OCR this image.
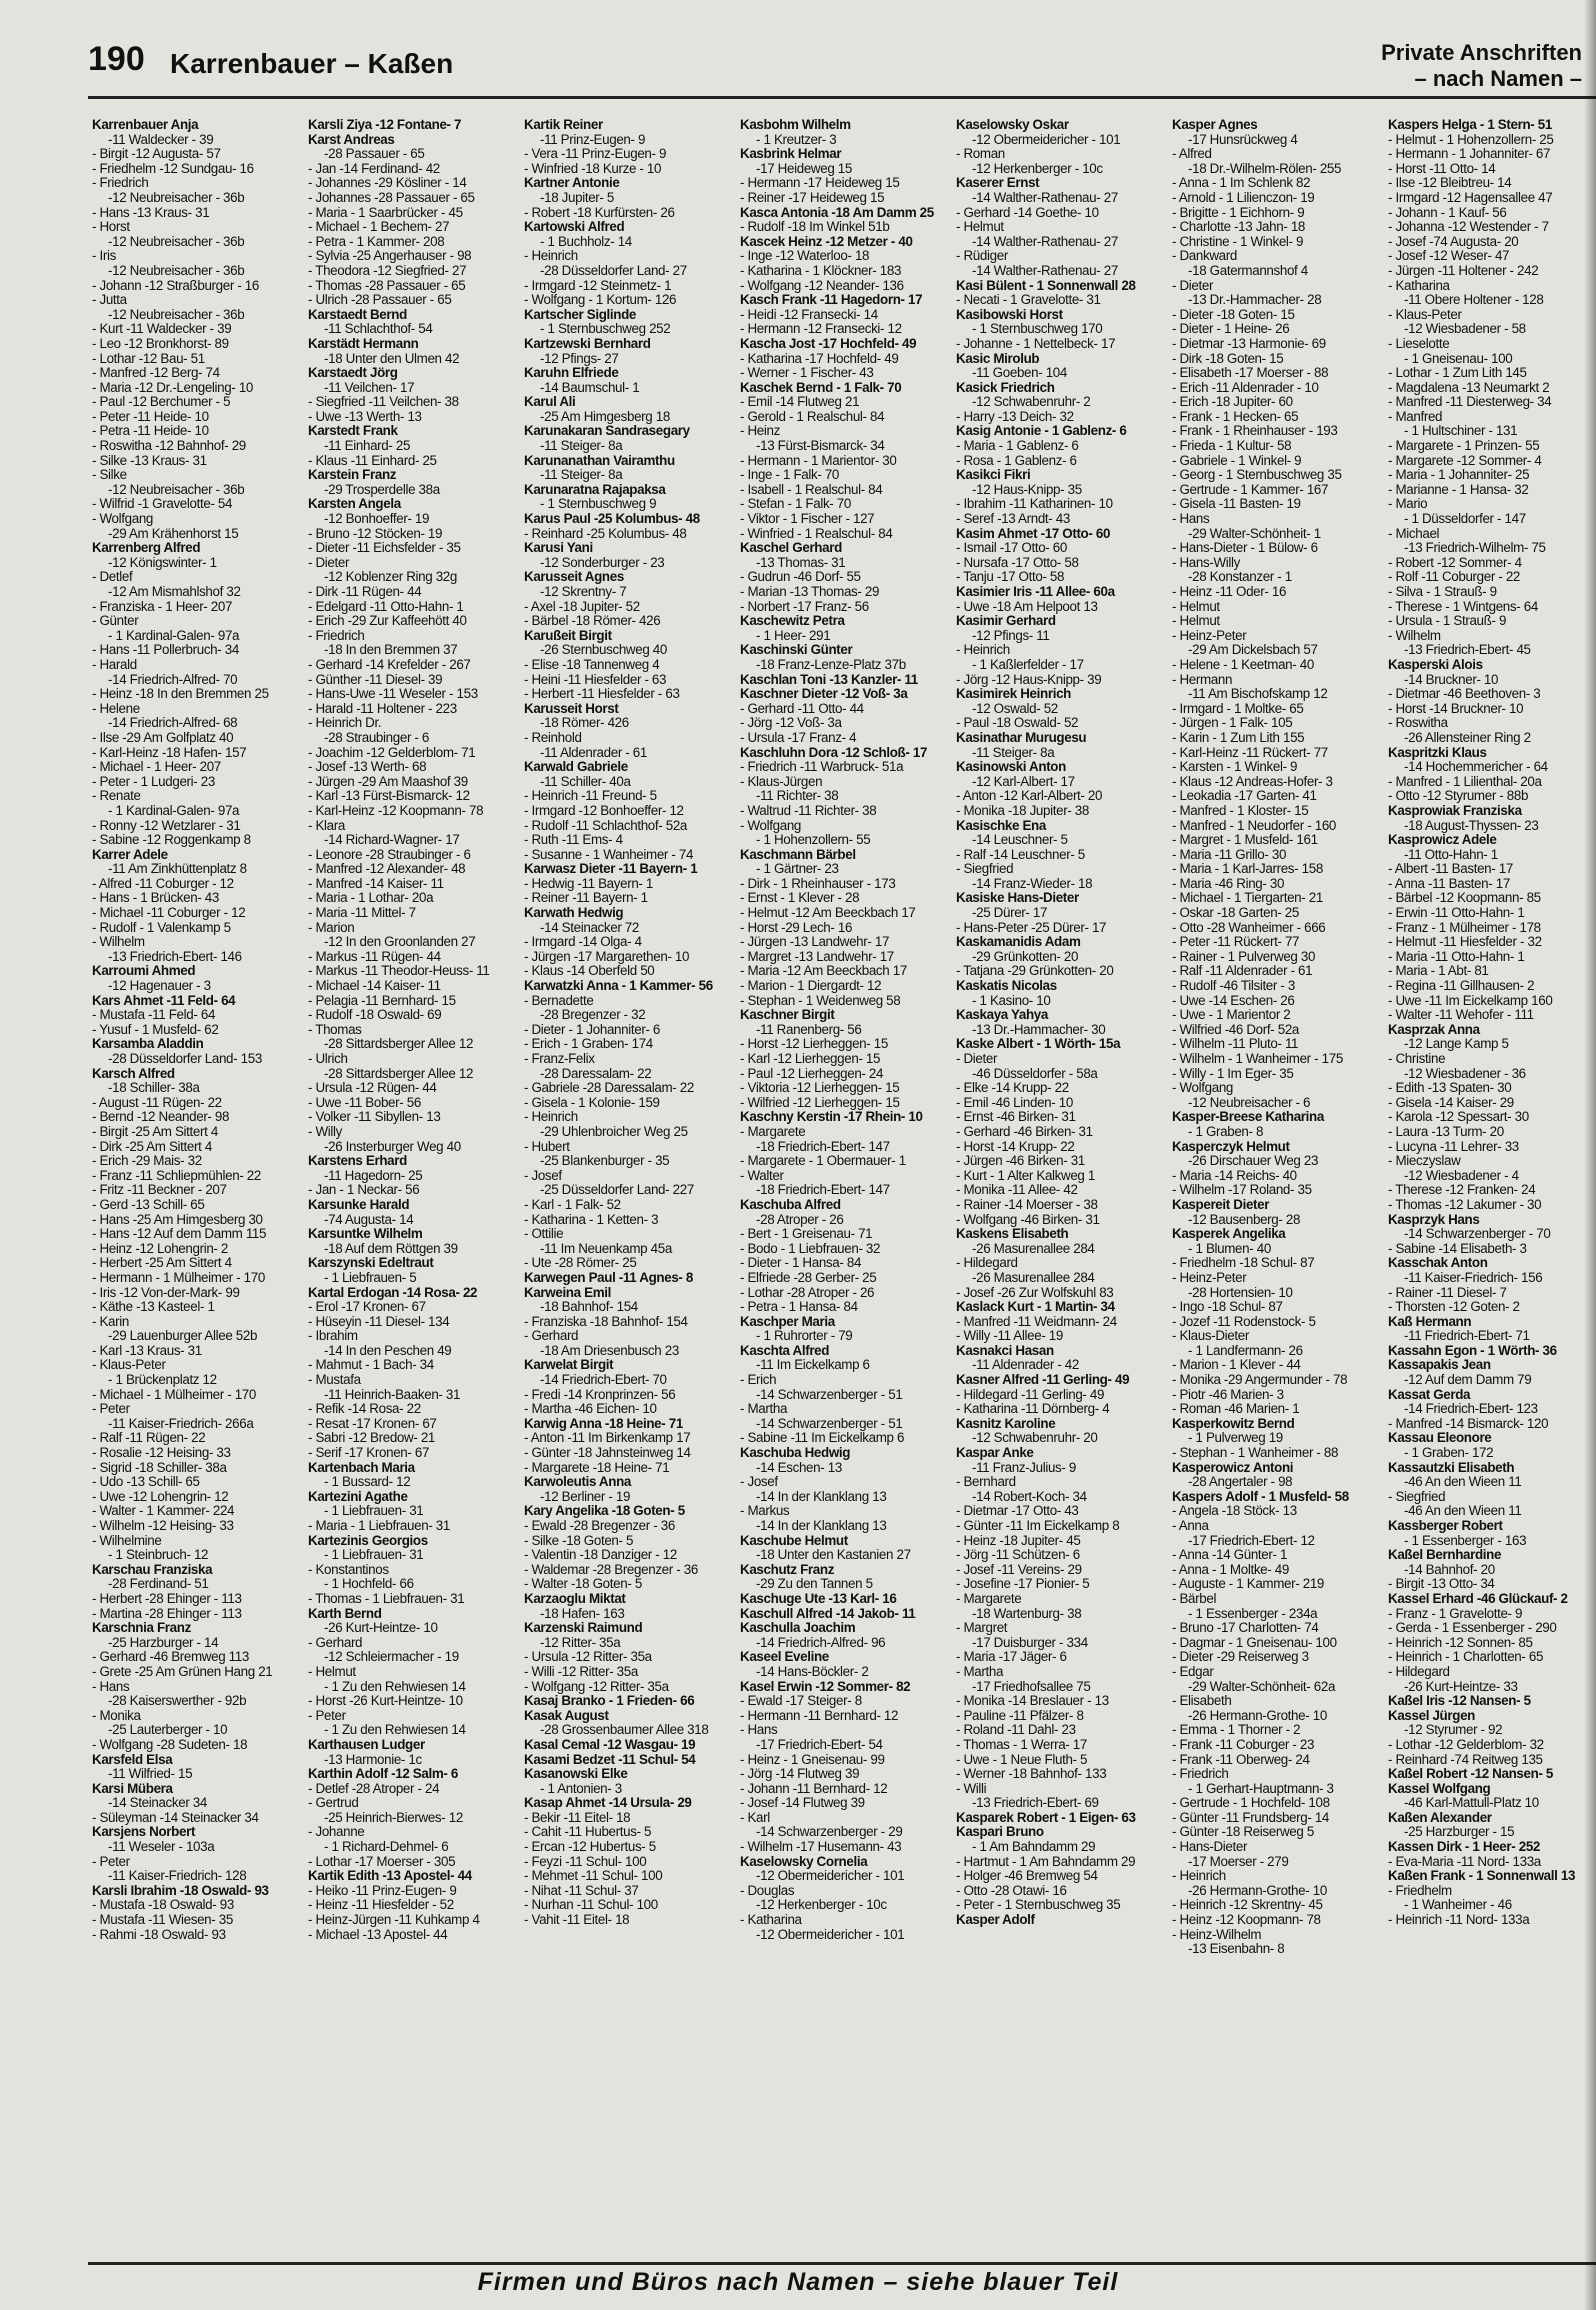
190 Karrenbauer – Kaßen	Private Anschriften
– nach Namen –
Karrenbauer Anja
-11 Waldecker - 39
- Birgit -12 Augusta- 57
- Friedhelm -12 Sundgau- 16
- Friedrich
-12 Neubreisacher - 36b
- Hans -13 Kraus- 31
- Horst
-12 Neubreisacher - 36b
- Iris
-12 Neubreisacher - 36b
- Johann -12 Straßburger - 16
- Jutta
-12 Neubreisacher - 36b
- Kurt -11 Waldecker - 39
- Leo -12 Bronkhorst- 89
- Lothar -12 Bau- 51
- Manfred -12 Berg- 74
- Maria -12 Dr.-Lengeling- 10
- Paul -12 Berchumer - 5
- Peter -11 Heide- 10
- Petra -11 Heide- 10
- Roswitha -12 Bahnhof- 29
- Silke -13 Kraus- 31
- Silke
-12 Neubreisacher - 36b
- Wilfrid -1 Gravelotte- 54
- Wolfgang
-29 Am Krähenhorst 15
Karrenberg Alfred
-12 Königswinter- 1
- Detlef
-12 Am Mismahlshof 32
- Franziska - 1 Heer- 207
- Günter
- 1 Kardinal-Galen- 97a
- Hans -11 Pollerbruch- 34
- Harald
-14 Friedrich-Alfred- 70
- Heinz -18 In den Bremmen 25
- Helene
-14 Friedrich-Alfred- 68
- Ilse -29 Am Golfplatz 40
- Karl-Heinz -18 Hafen- 157
- Michael - 1 Heer- 207
- Peter - 1 Ludgeri- 23
- Renate
- 1 Kardinal-Galen- 97a
- Ronny -12 Wetzlarer - 31
- Sabine -12 Roggenkamp 8
Karrer Adele
-11 Am Zinkhüttenplatz 8
- Alfred -11 Coburger - 12
- Hans - 1 Brücken- 43
- Michael -11 Coburger - 12
- Rudolf - 1 Valenkamp 5
- Wilhelm
-13 Friedrich-Ebert- 146
Karroumi Ahmed
-12 Hagenauer - 3
Kars Ahmet -11 Feld- 64
- Mustafa -11 Feld- 64
- Yusuf - 1 Musfeld- 62
Karsamba Aladdin
-28 Düsseldorfer Land- 153
Karsch Alfred
-18 Schiller- 38a
- August -11 Rügen- 22
- Bernd -12 Neander- 98
- Birgit -25 Am Sittert 4
- Dirk -25 Am Sittert 4
- Erich -29 Mais- 32
- Franz -11 Schliepmühlen- 22
- Fritz -11 Beckner - 207
- Gerd -13 Schill- 65
- Hans -25 Am Himgesberg 30
- Hans -12 Auf dem Damm 115
- Heinz -12 Lohengrin- 2
- Herbert -25 Am Sittert 4
- Hermann - 1 Mülheimer - 170
- Iris -12 Von-der-Mark- 99
- Käthe -13 Kasteel- 1
- Karin
-29 Lauenburger Allee 52b
- Karl -13 Kraus- 31
- Klaus-Peter
- 1 Brückenplatz 12
- Michael - 1 Mülheimer - 170
- Peter
-11 Kaiser-Friedrich- 266a
- Ralf -11 Rügen- 22
- Rosalie -12 Heising- 33
- Sigrid -18 Schiller- 38a
- Udo -13 Schill- 65
- Uwe -12 Lohengrin- 12
- Walter - 1 Kammer- 224
- Wilhelm -12 Heising- 33
- Wilhelmine
- 1 Steinbruch- 12
Karschau Franziska
-28 Ferdinand- 51
- Herbert -28 Ehinger - 113
- Martina -28 Ehinger - 113
Karschnia Franz
-25 Harzburger - 14
- Gerhard -46 Bremweg 113
- Grete -25 Am Grünen Hang 21
- Hans
-28 Kaiserswerther - 92b
- Monika
-25 Lauterberger - 10
- Wolfgang -28 Sudeten- 18
Karsfeld Elsa
-11 Wilfried- 15
Karsi Mübera
-14 Steinacker 34
- Süleyman -14 Steinacker 34
Karsjens Norbert
-11 Weseler - 103a
- Peter
-11 Kaiser-Friedrich- 128
Karsli Ibrahim -18 Oswald- 93
- Mustafa -18 Oswald- 93
- Mustafa -11 Wiesen- 35
- Rahmi -18 Oswald- 93
Karsli Ziya -12 Fontane- 7
Karst Andreas
-28 Passauer - 65
- Jan -14 Ferdinand- 42
- Johannes -29 Kösliner - 14
- Johannes -28 Passauer - 65
- Maria - 1 Saarbrücker - 45
- Michael - 1 Bechem- 27
- Petra - 1 Kammer- 208
- Sylvia -25 Angerhauser - 98
- Theodora -12 Siegfried- 27
- Thomas -28 Passauer - 65
- Ulrich -28 Passauer - 65
Karstaedt Bernd
-11 Schlachthof- 54
Karstädt Hermann
-18 Unter den Ulmen 42
Karstaedt Jörg
-11 Veilchen- 17
- Siegfried -11 Veilchen- 38
- Uwe -13 Werth- 13
Karstedt Frank
-11 Einhard- 25
- Klaus -11 Einhard- 25
Karstein Franz
-29 Trosperdelle 38a
Karsten Angela
-12 Bonhoeffer- 19
- Bruno -12 Stöcken- 19
- Dieter -11 Eichsfelder - 35
- Dieter
-12 Koblenzer Ring 32g
- Dirk -11 Rügen- 44
- Edelgard -11 Otto-Hahn- 1
- Erich -29 Zur Kaffeehött 40
- Friedrich
-18 In den Bremmen 37
- Gerhard -14 Krefelder - 267
- Günther -11 Diesel- 39
- Hans-Uwe -11 Weseler - 153
- Harald -11 Holtener - 223
- Heinrich Dr.
-28 Straubinger - 6
- Joachim -12 Gelderblom- 71
- Josef -13 Werth- 68
- Jürgen -29 Am Maashof 39
- Karl -13 Fürst-Bismarck- 12
- Karl-Heinz -12 Koopmann- 78
- Klara
-14 Richard-Wagner- 17
- Leonore -28 Straubinger - 6
- Manfred -12 Alexander- 48
- Manfred -14 Kaiser- 11
- Maria - 1 Lothar- 20a
- Maria -11 Mittel- 7
- Marion
-12 In den Groonlanden 27
- Markus -11 Rügen- 44
- Markus -11 Theodor-Heuss- 11
- Michael -14 Kaiser- 11
- Pelagia -11 Bernhard- 15
- Rudolf -18 Oswald- 69
- Thomas
-28 Sittardsberger Allee 12
- Ulrich
-28 Sittardsberger Allee 12
- Ursula -12 Rügen- 44
- Uwe -11 Bober- 56
- Volker -11 Sibyllen- 13
- Willy
-26 Insterburger Weg 40
Karstens Erhard
-11 Hagedorn- 25
- Jan - 1 Neckar- 56
Karsunke Harald
-74 Augusta- 14
Karsuntke Wilhelm
-18 Auf dem Röttgen 39
Karszynski Edeltraut
- 1 Liebfrauen- 5
Kartal Erdogan -14 Rosa- 22
- Erol -17 Kronen- 67
- Hüseyin -11 Diesel- 134
- Ibrahim
-14 In den Peschen 49
- Mahmut - 1 Bach- 34
- Mustafa
-11 Heinrich-Baaken- 31
- Refik -14 Rosa- 22
- Resat -17 Kronen- 67
- Sabri -12 Bredow- 21
- Serif -17 Kronen- 67
Kartenbach Maria
- 1 Bussard- 12
Kartezini Agathe
- 1 Liebfrauen- 31
- Maria - 1 Liebfrauen- 31
Kartezinis Georgios
- 1 Liebfrauen- 31
- Konstantinos
- 1 Hochfeld- 66
- Thomas - 1 Liebfrauen- 31
Karth Bernd
-26 Kurt-Heintze- 10
- Gerhard
-12 Schleiermacher - 19
- Helmut
- 1 Zu den Rehwiesen 14
- Horst -26 Kurt-Heintze- 10
- Peter
- 1 Zu den Rehwiesen 14
Karthausen Ludger
-13 Harmonie- 1c
Karthin Adolf -12 Salm- 6
- Detlef -28 Atroper - 24
- Gertrud
-25 Heinrich-Bierwes- 12
- Johanne
- 1 Richard-Dehmel- 6
- Lothar -17 Moerser - 305
Kartik Edith -13 Apostel- 44
- Heiko -11 Prinz-Eugen- 9
- Heinz -11 Hiesfelder - 52
- Heinz-Jürgen -11 Kuhkamp 4
- Michael -13 Apostel- 44
Kartik Reiner
-11 Prinz-Eugen- 9
- Vera -11 Prinz-Eugen- 9
- Winfried -18 Kurze - 10
Kartner Antonie
-18 Jupiter- 5
- Robert -18 Kurfürsten- 26
Kartowski Alfred
- 1 Buchholz- 14
- Heinrich
-28 Düsseldorfer Land- 27
- Irmgard -12 Steinmetz- 1
- Wolfgang - 1 Kortum- 126
Kartscher Siglinde
- 1 Sternbuschweg 252
Kartzewski Bernhard
-12 Pfings- 27
Karuhn Elfriede
-14 Baumschul- 1
Karul Ali
-25 Am Himgesberg 18
Karunakaran Sandrasegary
-11 Steiger- 8a
Karunanathan Vairamthu
-11 Steiger- 8a
Karunaratna Rajapaksa
- 1 Sternbuschweg 9
Karus Paul -25 Kolumbus- 48
- Reinhard -25 Kolumbus- 48
Karusi Yani
-12 Sonderburger - 23
Karusseit Agnes
-12 Skrentny- 7
- Axel -18 Jupiter- 52
- Bärbel -18 Römer- 426
Karußeit Birgit
-26 Sternbuschweg 40
- Elise -18 Tannenweg 4
- Heini -11 Hiesfelder - 63
- Herbert -11 Hiesfelder - 63
Karusseit Horst
-18 Römer- 426
- Reinhold
-11 Aldenrader - 61
Karwald Gabriele
-11 Schiller- 40a
- Heinrich -11 Freund- 5
- Irmgard -12 Bonhoeffer- 12
- Rudolf -11 Schlachthof- 52a
- Ruth -11 Ems- 4
- Susanne - 1 Wanheimer - 74
Karwasz Dieter -11 Bayern- 1
- Hedwig -11 Bayern- 1
- Reiner -11 Bayern- 1
Karwath Hedwig
-14 Steinacker 72
- Irmgard -14 Olga- 4
- Jürgen -17 Margarethen- 10
- Klaus -14 Oberfeld 50
Karwatzki Anna - 1 Kammer- 56
- Bernadette
-28 Bregenzer - 32
- Dieter - 1 Johanniter- 6
- Erich - 1 Graben- 174
- Franz-Felix
-28 Daressalam- 22
- Gabriele -28 Daressalam- 22
- Gisela - 1 Kolonie- 159
- Heinrich
-29 Uhlenbroicher Weg 25
- Hubert
-25 Blankenburger - 35
- Josef
-25 Düsseldorfer Land- 227
- Karl - 1 Falk- 52
- Katharina - 1 Ketten- 3
- Ottilie
-11 Im Neuenkamp 45a
- Ute -28 Römer- 25
Karwegen Paul -11 Agnes- 8
Karweina Emil
-18 Bahnhof- 154
- Franziska -18 Bahnhof- 154
- Gerhard
-18 Am Driesenbusch 23
Karwelat Birgit
-14 Friedrich-Ebert- 70
- Fredi -14 Kronprinzen- 56
- Martha -46 Eichen- 10
Karwig Anna -18 Heine- 71
- Anton -11 Im Birkenkamp 17
- Günter -18 Jahnsteinweg 14
- Margarete -18 Heine- 71
Karwoleutis Anna
-12 Berliner - 19
Kary Angelika -18 Goten- 5
- Ewald -28 Bregenzer - 36
- Silke -18 Goten- 5
- Valentin -18 Danziger - 12
- Waldemar -28 Bregenzer - 36
- Walter -18 Goten- 5
Karzaoglu Miktat
-18 Hafen- 163
Karzenski Raimund
-12 Ritter- 35a
- Ursula -12 Ritter- 35a
- Willi -12 Ritter- 35a
- Wolfgang -12 Ritter- 35a
Kasaj Branko - 1 Frieden- 66
Kasak August
-28 Grossenbaumer Allee 318
Kasal Cemal -12 Wasgau- 19
Kasami Bedzet -11 Schul- 54
Kasanowski Elke
- 1 Antonien- 3
Kasap Ahmet -14 Ursula- 29
- Bekir -11 Eitel- 18
- Cahit -11 Hubertus- 5
- Ercan -12 Hubertus- 5
- Feyzi -11 Schul- 100
- Mehmet -11 Schul- 100
- Nihat -11 Schul- 37
- Nurhan -11 Schul- 100
- Vahit -11 Eitel- 18
Kasbohm Wilhelm
- 1 Kreutzer- 3
Kasbrink Helmar
-17 Heideweg 15
- Hermann -17 Heideweg 15
- Reiner -17 Heideweg 15
Kasca Antonia -18 Am Damm 25
- Rudolf -18 Im Winkel 51b
Kascek Heinz -12 Metzer - 40
- Inge -12 Waterloo- 18
- Katharina - 1 Klöckner- 183
- Wolfgang -12 Neander- 136
Kasch Frank -11 Hagedorn- 17
- Heidi -12 Fransecki- 14
- Hermann -12 Fransecki- 12
Kascha Jost -17 Hochfeld- 49
- Katharina -17 Hochfeld- 49
- Werner - 1 Fischer- 43
Kaschek Bernd - 1 Falk- 70
- Emil -14 Flutweg 21
- Gerold - 1 Realschul- 84
- Heinz
-13 Fürst-Bismarck- 34
- Hermann - 1 Marientor- 30
- Inge - 1 Falk- 70
- Isabell - 1 Realschul- 84
- Stefan - 1 Falk- 70
- Viktor - 1 Fischer - 127
- Winfried - 1 Realschul- 84
Kaschel Gerhard
-13 Thomas- 31
- Gudrun -46 Dorf- 55
- Marian -13 Thomas- 29
- Norbert -17 Franz- 56
Kaschewitz Petra
- 1 Heer- 291
Kaschinski Günter
-18 Franz-Lenze-Platz 37b
Kaschlan Toni -13 Kanzler- 11
Kaschner Dieter -12 Voß- 3a
- Gerhard -11 Otto- 44
- Jörg -12 Voß- 3a
- Ursula -17 Franz- 4
Kaschluhn Dora -12 Schloß- 17
- Friedrich -11 Warbruck- 51a
- Klaus-Jürgen
-11 Richter- 38
- Waltrud -11 Richter- 38
- Wolfgang
- 1 Hohenzollern- 55
Kaschmann Bärbel
- 1 Gärtner- 23
- Dirk - 1 Rheinhauser - 173
- Ernst - 1 Klever - 28
- Helmut -12 Am Beeckbach 17
- Horst -29 Lech- 16
- Jürgen -13 Landwehr- 17
- Margret -13 Landwehr- 17
- Maria -12 Am Beeckbach 17
- Marion - 1 Diergardt- 12
- Stephan - 1 Weidenweg 58
Kaschner Birgit
-11 Ranenberg- 56
- Horst -12 Lierheggen- 15
- Karl -12 Lierheggen- 15
- Paul -12 Lierheggen- 24
- Viktoria -12 Lierheggen- 15
- Wilfried -12 Lierheggen- 15
Kaschny Kerstin -17 Rhein- 10
- Margarete
-18 Friedrich-Ebert- 147
- Margarete - 1 Obermauer- 1
- Walter
-18 Friedrich-Ebert- 147
Kaschuba Alfred
-28 Atroper - 26
- Bert - 1 Greisenau- 71
- Bodo - 1 Liebfrauen- 32
- Dieter - 1 Hansa- 84
- Elfriede -28 Gerber- 25
- Lothar -28 Atroper - 26
- Petra - 1 Hansa- 84
Kaschper Maria
- 1 Ruhrorter - 79
Kaschta Alfred
-11 Im Eickelkamp 6
- Erich
-14 Schwarzenberger - 51
- Martha
-14 Schwarzenberger - 51
- Sabine -11 Im Eickelkamp 6
Kaschuba Hedwig
-14 Eschen- 13
- Josef
-14 In der Klanklang 13
- Markus
-14 In der Klanklang 13
Kaschube Helmut
-18 Unter den Kastanien 27
Kaschutz Franz
-29 Zu den Tannen 5
Kaschuge Ute -13 Karl- 16
Kaschull Alfred -14 Jakob- 11
Kaschulla Joachim
-14 Friedrich-Alfred- 96
Kaseel Eveline
-14 Hans-Böckler- 2
Kasel Erwin -12 Sommer- 82
- Ewald -17 Steiger- 8
- Hermann -11 Bernhard- 12
- Hans
-17 Friedrich-Ebert- 54
- Heinz - 1 Gneisenau- 99
- Jörg -14 Flutweg 39
- Johann -11 Bernhard- 12
- Josef -14 Flutweg 39
- Karl
-14 Schwarzenberger - 29
- Wilhelm -17 Husemann- 43
Kaselowsky Cornelia
-12 Obermeidericher - 101
- Douglas
-12 Herkenberger - 10c
- Katharina
-12 Obermeidericher - 101
Kaselowsky Oskar
-12 Obermeidericher - 101
- Roman
-12 Herkenberger - 10c
Kaserer Ernst
-14 Walther-Rathenau- 27
- Gerhard -14 Goethe- 10
- Helmut
-14 Walther-Rathenau- 27
- Rüdiger
-14 Walther-Rathenau- 27
Kasi Bülent - 1 Sonnenwall 28
- Necati - 1 Gravelotte- 31
Kasibowski Horst
- 1 Sternbuschweg 170
- Johanne - 1 Nettelbeck- 17
Kasic Mirolub
-11 Goeben- 104
Kasick Friedrich
-12 Schwabenruhr- 2
- Harry -13 Deich- 32
Kasig Antonie - 1 Gablenz- 6
- Maria - 1 Gablenz- 6
- Rosa - 1 Gablenz- 6
Kasikci Fikri
-12 Haus-Knipp- 35
- Ibrahim -11 Katharinen- 10
- Seref -13 Arndt- 43
Kasim Ahmet -17 Otto- 60
- Ismail -17 Otto- 60
- Nursafa -17 Otto- 58
- Tanju -17 Otto- 58
Kasimier Iris -11 Allee- 60a
- Uwe -18 Am Helpoot 13
Kasimir Gerhard
-12 Pfings- 11
- Heinrich
- 1 Kaßlerfelder - 17
- Jörg -12 Haus-Knipp- 39
Kasimirek Heinrich
-12 Oswald- 52
- Paul -18 Oswald- 52
Kasinathar Murugesu
-11 Steiger- 8a
Kasinowski Anton
-12 Karl-Albert- 17
- Anton -12 Karl-Albert- 20
- Monika -18 Jupiter- 38
Kasischke Ena
-14 Leuschner- 5
- Ralf -14 Leuschner- 5
- Siegfried
-14 Franz-Wieder- 18
Kasiske Hans-Dieter
-25 Dürer- 17
- Hans-Peter -25 Dürer- 17
Kaskamanidis Adam
-29 Grünkotten- 20
- Tatjana -29 Grünkotten- 20
Kaskatis Nicolas
- 1 Kasino- 10
Kaskaya Yahya
-13 Dr.-Hammacher- 30
Kaske Albert - 1 Wörth- 15a
- Dieter
-46 Düsseldorfer - 58a
- Elke -14 Krupp- 22
- Emil -46 Linden- 10
- Ernst -46 Birken- 31
- Gerhard -46 Birken- 31
- Horst -14 Krupp- 22
- Jürgen -46 Birken- 31
- Kurt - 1 Alter Kalkweg 1
- Monika -11 Allee- 42
- Rainer -14 Moerser - 38
- Wolfgang -46 Birken- 31
Kaskens Elisabeth
-26 Masurenallee 284
- Hildegard
-26 Masurenallee 284
- Josef -26 Zur Wolfskuhl 83
Kaslack Kurt - 1 Martin- 34
- Manfred -11 Weidmann- 24
- Willy -11 Allee- 19
Kasnakci Hasan
-11 Aldenrader - 42
Kasner Alfred -11 Gerling- 49
- Hildegard -11 Gerling- 49
- Katharina -11 Dörnberg- 4
Kasnitz Karoline
-12 Schwabenruhr- 20
Kaspar Anke
-11 Franz-Julius- 9
- Bernhard
-14 Robert-Koch- 34
- Dietmar -17 Otto- 43
- Günter -11 Im Eickelkamp 8
- Heinz -18 Jupiter- 45
- Jörg -11 Schützen- 6
- Josef -11 Vereins- 29
- Josefine -17 Pionier- 5
- Margarete
-18 Wartenburg- 38
- Margret
-17 Duisburger - 334
- Maria -17 Jäger- 6
- Martha
-17 Friedhofsallee 75
- Monika -14 Breslauer - 13
- Pauline -11 Pfälzer- 8
- Roland -11 Dahl- 23
- Thomas - 1 Werra- 17
- Uwe - 1 Neue Fluth- 5
- Werner -18 Bahnhof- 133
- Willi
-13 Friedrich-Ebert- 69
Kasparek Robert - 1 Eigen- 63
Kaspari Bruno
- 1 Am Bahndamm 29
- Hartmut - 1 Am Bahndamm 29
- Holger -46 Bremweg 54
- Otto -28 Otawi- 16
- Peter - 1 Sternbuschweg 35
Kasper Adolf
Kasper Agnes
-17 Hunsrückweg 4
- Alfred
-18 Dr.-Wilhelm-Rölen- 255
- Anna - 1 Im Schlenk 82
- Arnold - 1 Lilienczon- 19
- Brigitte - 1 Eichhorn- 9
- Charlotte -13 Jahn- 18
- Christine - 1 Winkel- 9
- Dankward
-18 Gatermannshof 4
- Dieter
-13 Dr.-Hammacher- 28
- Dieter -18 Goten- 15
- Dieter - 1 Heine- 26
- Dietmar -13 Harmonie- 69
- Dirk -18 Goten- 15
- Elisabeth -17 Moerser - 88
- Erich -11 Aldenrader - 10
- Erich -18 Jupiter- 60
- Frank - 1 Hecken- 65
- Frank - 1 Rheinhauser - 193
- Frieda - 1 Kultur- 58
- Gabriele - 1 Winkel- 9
- Georg - 1 Sternbuschweg 35
- Gertrude - 1 Kammer- 167
- Gisela -11 Basten- 19
- Hans
-29 Walter-Schönheit- 1
- Hans-Dieter - 1 Bülow- 6
- Hans-Willy
-28 Konstanzer - 1
- Heinz -11 Oder- 16
- Helmut
- Helmut
- Heinz-Peter
-29 Am Dickelsbach 57
- Helene - 1 Keetman- 40
- Hermann
-11 Am Bischofskamp 12
- Irmgard - 1 Moltke- 65
- Jürgen - 1 Falk- 105
- Karin - 1 Zum Lith 155
- Karl-Heinz -11 Rückert- 77
- Karsten - 1 Winkel- 9
- Klaus -12 Andreas-Hofer- 3
- Leokadia -17 Garten- 41
- Manfred - 1 Kloster- 15
- Manfred - 1 Neudorfer - 160
- Margret - 1 Musfeld- 161
- Maria -11 Grillo- 30
- Maria - 1 Karl-Jarres- 158
- Maria -46 Ring- 30
- Michael - 1 Tiergarten- 21
- Oskar -18 Garten- 25
- Otto -28 Wanheimer - 666
- Peter -11 Rückert- 77
- Rainer - 1 Pulverweg 30
- Ralf -11 Aldenrader - 61
- Rudolf -46 Tilsiter - 3
- Uwe -14 Eschen- 26
- Uwe - 1 Marientor 2
- Wilfried -46 Dorf- 52a
- Wilhelm -11 Pluto- 11
- Wilhelm - 1 Wanheimer - 175
- Willy - 1 Im Eger- 35
- Wolfgang
-12 Neubreisacher - 6
Kasper-Breese Katharina
- 1 Graben- 8
Kasperczyk Helmut
-26 Dirschauer Weg 23
- Maria -14 Reichs- 40
- Wilhelm -17 Roland- 35
Kaspereit Dieter
-12 Bausenberg- 28
Kasperek Angelika
- 1 Blumen- 40
- Friedhelm -18 Schul- 87
- Heinz-Peter
-28 Hortensien- 10
- Ingo -18 Schul- 87
- Jozef -11 Rodenstock- 5
- Klaus-Dieter
- 1 Landfermann- 26
- Marion - 1 Klever - 44
- Monika -29 Angermunder - 78
- Piotr -46 Marien- 3
- Roman -46 Marien- 1
Kasperkowitz Bernd
- 1 Pulverweg 19
- Stephan - 1 Wanheimer - 88
Kasperowicz Antoni
-28 Angertaler - 98
Kaspers Adolf - 1 Musfeld- 58
- Angela -18 Stöck- 13
- Anna
-17 Friedrich-Ebert- 12
- Anna -14 Günter- 1
- Anna - 1 Moltke- 49
- Auguste - 1 Kammer- 219
- Bärbel
- 1 Essenberger - 234a
- Bruno -17 Charlotten- 74
- Dagmar - 1 Gneisenau- 100
- Dieter -29 Reiserweg 3
- Edgar
-29 Walter-Schönheit- 62a
- Elisabeth
-26 Hermann-Grothe- 10
- Emma - 1 Thorner - 2
- Frank -11 Coburger - 23
- Frank -11 Oberweg- 24
- Friedrich
- 1 Gerhart-Hauptmann- 3
- Gertrude - 1 Hochfeld- 108
- Günter -11 Frundsberg- 14
- Günter -18 Reiserweg 5
- Hans-Dieter
-17 Moerser - 279
- Heinrich
-26 Hermann-Grothe- 10
- Heinrich -12 Skrentny- 45
- Heinz -12 Koopmann- 78
- Heinz-Wilhelm
-13 Eisenbahn- 8
Kaspers Helga - 1 Stern- 51
- Helmut - 1 Hohenzollern- 25
- Hermann - 1 Johanniter- 67
- Horst -11 Otto- 14
- Ilse -12 Bleibtreu- 14
- Irmgard -12 Hagensallee 47
- Johann - 1 Kauf- 56
- Johanna -12 Westender - 7
- Josef -74 Augusta- 20
- Josef -12 Weser- 47
- Jürgen -11 Holtener - 242
- Katharina
-11 Obere Holtener - 128
- Klaus-Peter
-12 Wiesbadener - 58
- Lieselotte
- 1 Gneisenau- 100
- Lothar - 1 Zum Lith 145
- Magdalena -13 Neumarkt 2
- Manfred -11 Diesterweg- 34
- Manfred
- 1 Hultschiner - 131
- Margarete - 1 Prinzen- 55
- Margarete -12 Sommer- 4
- Maria - 1 Johanniter- 25
- Marianne - 1 Hansa- 32
- Mario
- 1 Düsseldorfer - 147
- Michael
-13 Friedrich-Wilhelm- 75
- Robert -12 Sommer- 4
- Rolf -11 Coburger - 22
- Silva - 1 Strauß- 9
- Therese - 1 Wintgens- 64
- Ursula - 1 Strauß- 9
- Wilhelm
-13 Friedrich-Ebert- 45
Kasperski Alois
-14 Bruckner- 10
- Dietmar -46 Beethoven- 3
- Horst -14 Bruckner- 10
- Roswitha
-26 Allensteiner Ring 2
Kaspritzki Klaus
-14 Hochemmericher - 64
- Manfred - 1 Lilienthal- 20a
- Otto -12 Styrumer - 88b
Kasprowiak Franziska
-18 August-Thyssen- 23
Kasprowicz Adele
-11 Otto-Hahn- 1
- Albert -11 Basten- 17
- Anna -11 Basten- 17
- Bärbel -12 Koopmann- 85
- Erwin -11 Otto-Hahn- 1
- Franz - 1 Mülheimer - 178
- Helmut -11 Hiesfelder - 32
- Maria -11 Otto-Hahn- 1
- Maria - 1 Abt- 81
- Regina -11 Gillhausen- 2
- Uwe -11 Im Eickelkamp 160
- Walter -11 Wehofer - 111
Kasprzak Anna
-12 Lange Kamp 5
- Christine
-12 Wiesbadener - 36
- Edith -13 Spaten- 30
- Gisela -14 Kaiser- 29
- Karola -12 Spessart- 30
- Laura -13 Turm- 20
- Lucyna -11 Lehrer- 33
- Mieczyslaw
-12 Wiesbadener - 4
- Therese -12 Franken- 24
- Thomas -12 Lakumer - 30
Kasprzyk Hans
-14 Schwarzenberger - 70
- Sabine -14 Elisabeth- 3
Kasschak Anton
-11 Kaiser-Friedrich- 156
- Rainer -11 Diesel- 7
- Thorsten -12 Goten- 2
Kaß Hermann
-11 Friedrich-Ebert- 71
Kassahn Egon - 1 Wörth- 36
Kassapakis Jean
-12 Auf dem Damm 79
Kassat Gerda
-14 Friedrich-Ebert- 123
- Manfred -14 Bismarck- 120
Kassau Eleonore
- 1 Graben- 172
Kassautzki Elisabeth
-46 An den Wieen 11
- Siegfried
-46 An den Wieen 11
Kassberger Robert
- 1 Essenberger - 163
Kaßel Bernhardine
-14 Bahnhof- 20
- Birgit -13 Otto- 34
Kassel Erhard -46 Glückauf- 2
- Franz - 1 Gravelotte- 9
- Gerda - 1 Essenberger - 290
- Heinrich -12 Sonnen- 85
- Heinrich - 1 Charlotten- 65
- Hildegard
-26 Kurt-Heintze- 33
Kaßel Iris -12 Nansen- 5
Kassel Jürgen
-12 Styrumer - 92
- Lothar -12 Gelderblom- 32
- Reinhard -74 Reitweg 135
Kaßel Robert -12 Nansen- 5
Kassel Wolfgang
-46 Karl-Mattull-Platz 10
Kaßen Alexander
-25 Harzburger - 15
Kassen Dirk - 1 Heer- 252
- Eva-Maria -11 Nord- 133a
Kaßen Frank - 1 Sonnenwall 13
- Friedhelm
- 1 Wanheimer - 46
- Heinrich -11 Nord- 133a
Firmen und Büros nach Namen – siehe blauer Teil
